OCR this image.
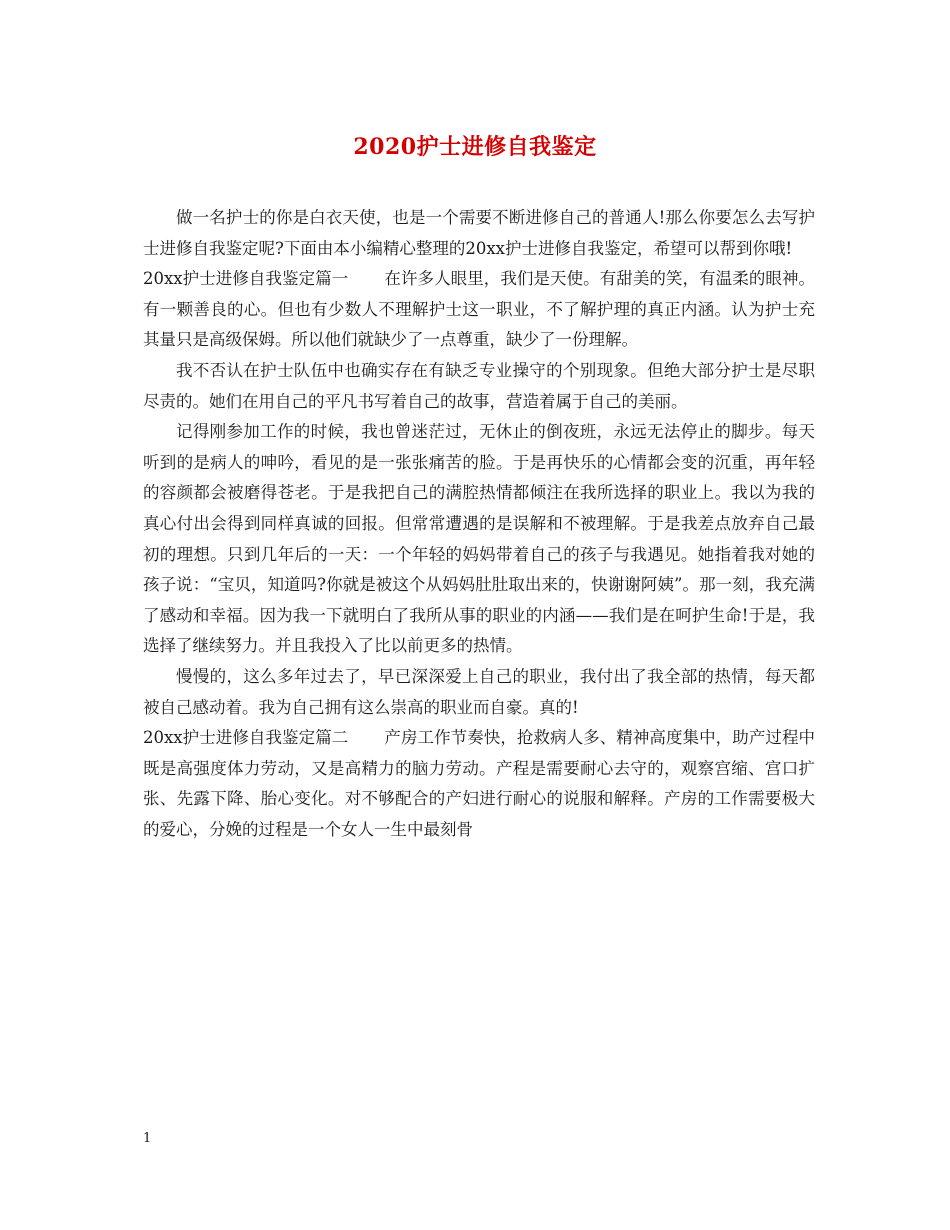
2020护士进修自我鉴定

做一名护士的你是白衣天使，也是一个需要不断进修自己的普通人!那么你要怎么去写护士进修自我鉴定呢?下面由本小编精心整理的20xx护士进修自我鉴定，希望可以帮到你哦!

20xx护士进修自我鉴定篇一 在许多人眼里，我们是天使。有甜美的笑，有温柔的眼神。有一颗善良的心。但也有少数人不理解护士这一职业，不了解护理的真正内涵。认为护士充其量只是高级保姆。所以他们就缺少了一点尊重，缺少了一份理解。

我不否认在护士队伍中也确实存在有缺乏专业操守的个别现象。但绝大部分护士是尽职尽责的。她们在用自己的平凡书写着自己的故事，营造着属于自己的美丽。

记得刚参加工作的时候，我也曾迷茫过，无休止的倒夜班，永远无法停止的脚步。每天听到的是病人的呻吟，看见的是一张张痛苦的脸。于是再快乐的心情都会变的沉重，再年轻的容颜都会被磨得苍老。于是我把自己的满腔热情都倾注在我所选择的职业上。我以为我的真心付出会得到同样真诚的回报。但常常遭遇的是误解和不被理解。于是我差点放弃自己最初的理想。只到几年后的一天：一个年轻的妈妈带着自己的孩子与我遇见。她指着我对她的孩子说：“宝贝，知道吗?你就是被这个从妈妈肚肚取出来的，快谢谢阿姨”。那一刻，我充满了感动和幸福。因为我一下就明白了我所从事的职业的内涵——我们是在呵护生命!于是，我选择了继续努力。并且我投入了比以前更多的热情。

慢慢的，这么多年过去了，早已深深爱上自己的职业，我付出了我全部的热情，每天都被自己感动着。我为自己拥有这么崇高的职业而自豪。真的!

20xx护士进修自我鉴定篇二 产房工作节奏快，抢救病人多、精神高度集中，助产过程中既是高强度体力劳动，又是高精力的脑力劳动。产程是需要耐心去守的，观察宫缩、宫口扩张、先露下降、胎心变化。对不够配合的产妇进行耐心的说服和解释。产房的工作需要极大的爱心，分娩的过程是一个女人一生中最刻骨

1
